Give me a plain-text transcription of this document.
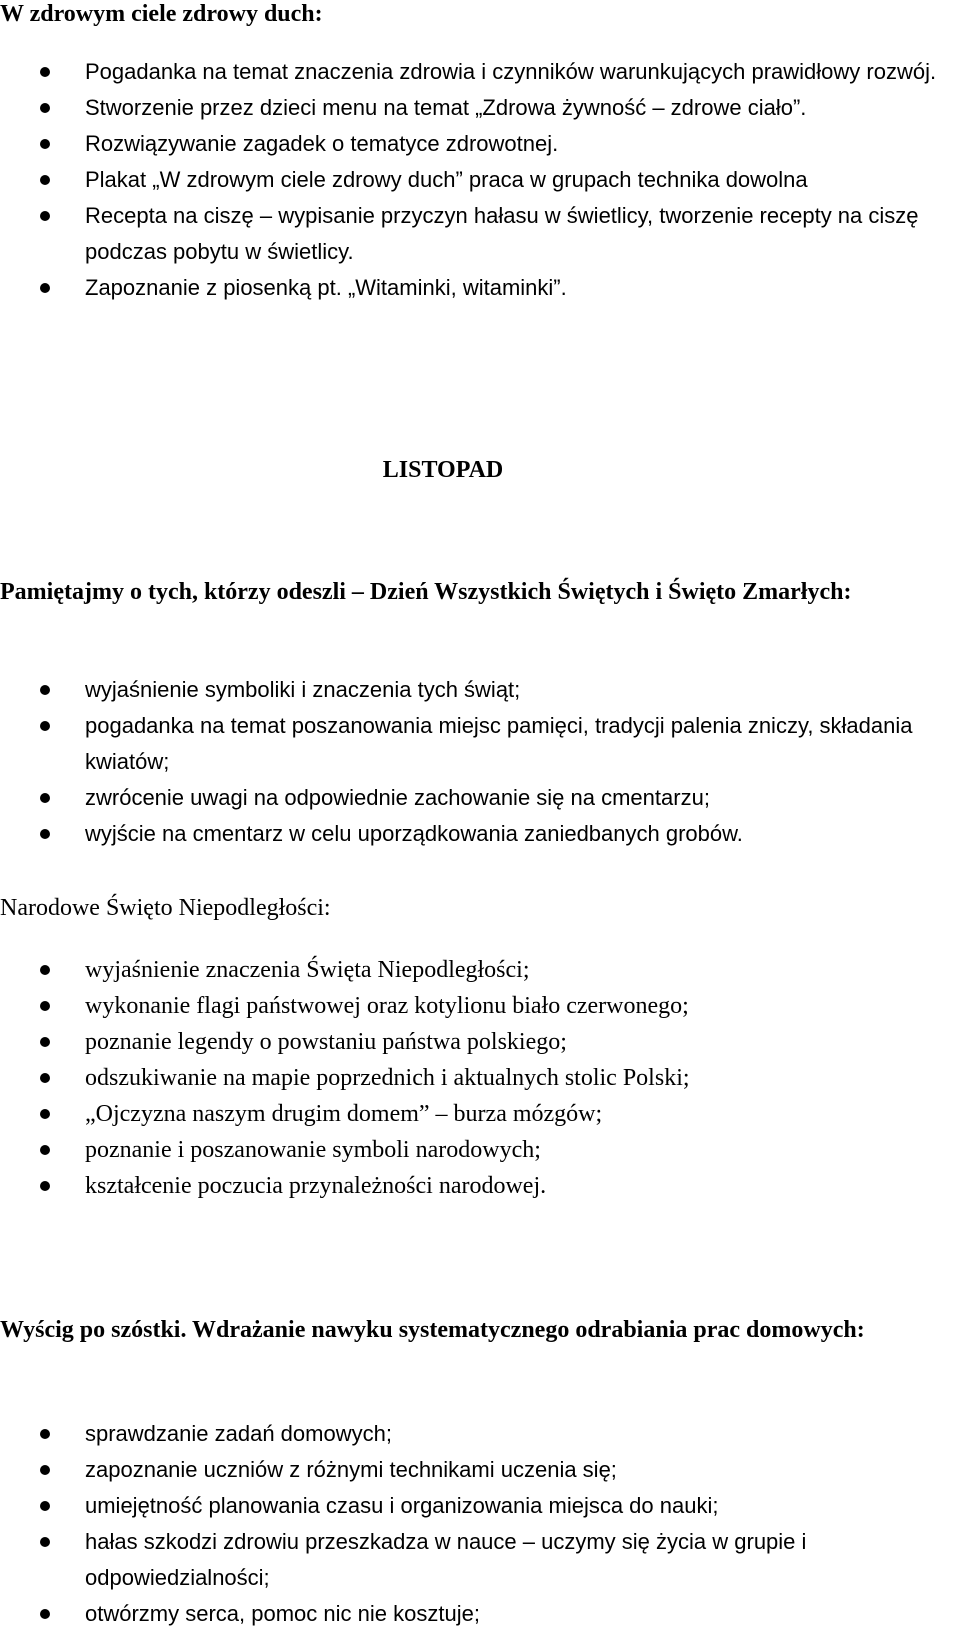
W zdrowym ciele zdrowy duch:
Pogadanka na temat znaczenia zdrowia i czynników warunkujących prawidłowy rozwój.
Stworzenie przez dzieci menu na temat „Zdrowa żywność – zdrowe ciało”.
Rozwiązywanie zagadek o tematyce zdrowotnej.
Plakat „W zdrowym ciele zdrowy duch” praca w grupach technika dowolna
Recepta na ciszę – wypisanie przyczyn hałasu w świetlicy, tworzenie recepty na ciszę podczas pobytu w świetlicy.
Zapoznanie z piosenką pt. „Witaminki, witaminki”.
LISTOPAD
Pamiętajmy o tych, którzy odeszli – Dzień Wszystkich Świętych i Święto Zmarłych:
wyjaśnienie symboliki i znaczenia tych świąt;
pogadanka na temat poszanowania miejsc pamięci, tradycji palenia zniczy, składania kwiatów;
zwrócenie uwagi na odpowiednie zachowanie się na cmentarzu;
wyjście na cmentarz w celu uporządkowania zaniedbanych grobów.
Narodowe Święto Niepodległości:
wyjaśnienie znaczenia Święta Niepodległości;
wykonanie flagi państwowej oraz kotylionu biało czerwonego;
poznanie legendy o powstaniu państwa polskiego;
odszukiwanie na mapie poprzednich i aktualnych stolic Polski;
„Ojczyzna naszym drugim domem” – burza mózgów;
poznanie i poszanowanie symboli narodowych;
kształcenie poczucia przynależności narodowej.
Wyścig po szóstki. Wdrażanie nawyku systematycznego odrabiania prac domowych:
sprawdzanie zadań domowych;
zapoznanie uczniów z różnymi technikami uczenia się;
umiejętność planowania czasu i organizowania miejsca do nauki;
hałas szkodzi zdrowiu przeszkadza w nauce – uczymy się życia w grupie i odpowiedzialności;
otwórzmy serca, pomoc nic nie kosztuje;
